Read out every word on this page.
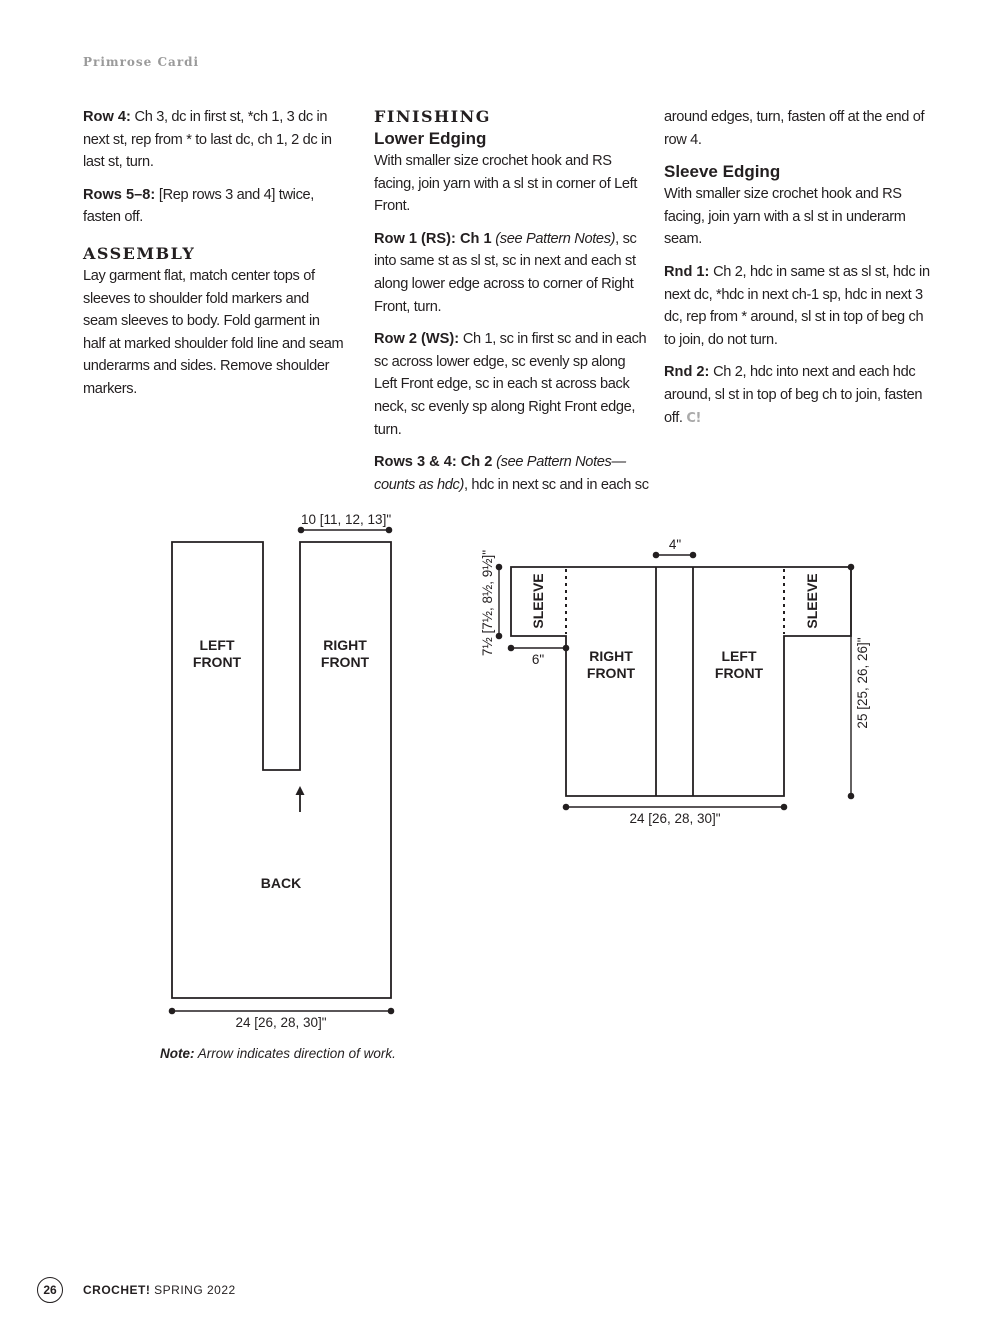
Primrose Cardi

Row 4: Ch 3, dc in first st, *ch 1, 3 dc in next st, rep from * to last dc, ch 1, 2 dc in last st, turn.

Rows 5–8: [Rep rows 3 and 4] twice, fasten off.

ASSEMBLY

Lay garment flat, match center tops of sleeves to shoulder fold markers and seam sleeves to body. Fold garment in half at marked shoulder fold line and seam underarms and sides. Remove shoulder markers.

FINISHING
Lower Edging

With smaller size crochet hook and RS facing, join yarn with a sl st in corner of Left Front.

Row 1 (RS): Ch 1 (see Pattern Notes), sc into same st as sl st, sc in next and each st along lower edge across to corner of Right Front, turn.

Row 2 (WS): Ch 1, sc in first sc and in each sc across lower edge, sc evenly sp along Left Front edge, sc in each st across back neck, sc evenly sp along Right Front edge, turn.

Rows 3 & 4: Ch 2 (see Pattern Notes—counts as hdc), hdc in next sc and in each sc

around edges, turn, fasten off at the end of row 4.

Sleeve Edging

With smaller size crochet hook and RS facing, join yarn with a sl st in underarm seam.

Rnd 1: Ch 2, hdc in same st as sl st, hdc in next dc, *hdc in next ch-1 sp, hdc in next 3 dc, rep from * around, sl st in top of beg ch to join, do not turn.

Rnd 2: Ch 2, hdc into next and each hdc around, sl st in top of beg ch to join, fasten off. C!

10 [11, 12, 13]"
LEFT
FRONT
RIGHT
FRONT
BACK
24 [26, 28, 30]"
4"
SLEEVE	SLEEVE
RIGHT
FRONT
LEFT
FRONT
7½ [7½, 8½, 9½]"
6"	25 [25, 26, 26]"
24 [26, 28, 30]"
Note: Arrow indicates direction of work.
26	CROCHET! SPRING 2022
